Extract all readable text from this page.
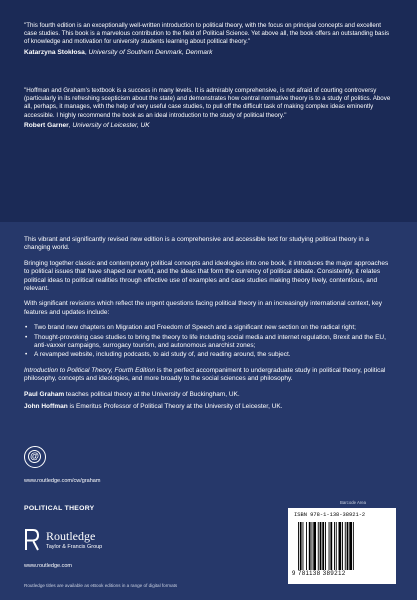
"This fourth edition is an exceptionally well-written introduction to political theory, with the focus on principal concepts and excellent case studies. This book is a marvelous contribution to the field of Political Science. Yet above all, the book offers an outstanding basis of knowledge and motivation for university students learning about political theory."

Katarzyna Stokłosa, University of Southern Denmark, Denmark

"Hoffman and Graham's textbook is a success in many levels. It is admirably comprehensive, is not afraid of courting controversy (particularly in its refreshing scepticism about the state) and demonstrates how central normative theory is to a study of politics. Above all, perhaps, it manages, with the help of very useful case studies, to pull off the difficult task of making complex ideas eminently accessible. I highly recommend the book as an ideal introduction to the study of political theory."

Robert Garner, University of Leicester, UK

This vibrant and significantly revised new edition is a comprehensive and accessible text for studying political theory in a changing world.

Bringing together classic and contemporary political concepts and ideologies into one book, it introduces the major approaches to political issues that have shaped our world, and the ideas that form the currency of political debate. Consistently, it relates political ideas to political realities through effective use of examples and case studies making theory lively, contentious, and relevant.

With significant revisions which reflect the urgent questions facing political theory in an increasingly international context, key features and updates include:

• Two brand new chapters on Migration and Freedom of Speech and a significant new section on the radical right;
• Thought-provoking case studies to bring the theory to life including social media and internet regulation, Brexit and the EU, anti-vaxxer campaigns, surrogacy tourism, and autonomous anarchist zones;
• A revamped website, including podcasts, to aid study of, and reading around, the subject.

Introduction to Political Theory, Fourth Edition is the perfect accompaniment to undergraduate study in political theory, political philosophy, concepts and ideologies, and more broadly to the social sciences and philosophy.

Paul Graham teaches political theory at the University of Buckingham, UK.

John Hoffman is Emeritus Professor of Political Theory at the University of Leicester, UK.

@
www.routledge.com/cw/graham
POLITICAL THEORY
Routledge
Taylor & Francis Group
www.routledge.com
Routledge titles are available as eBook editions in a range of digital formats
Barcode Area
ISBN 978-1-138-38921-2
9 781138 389212
